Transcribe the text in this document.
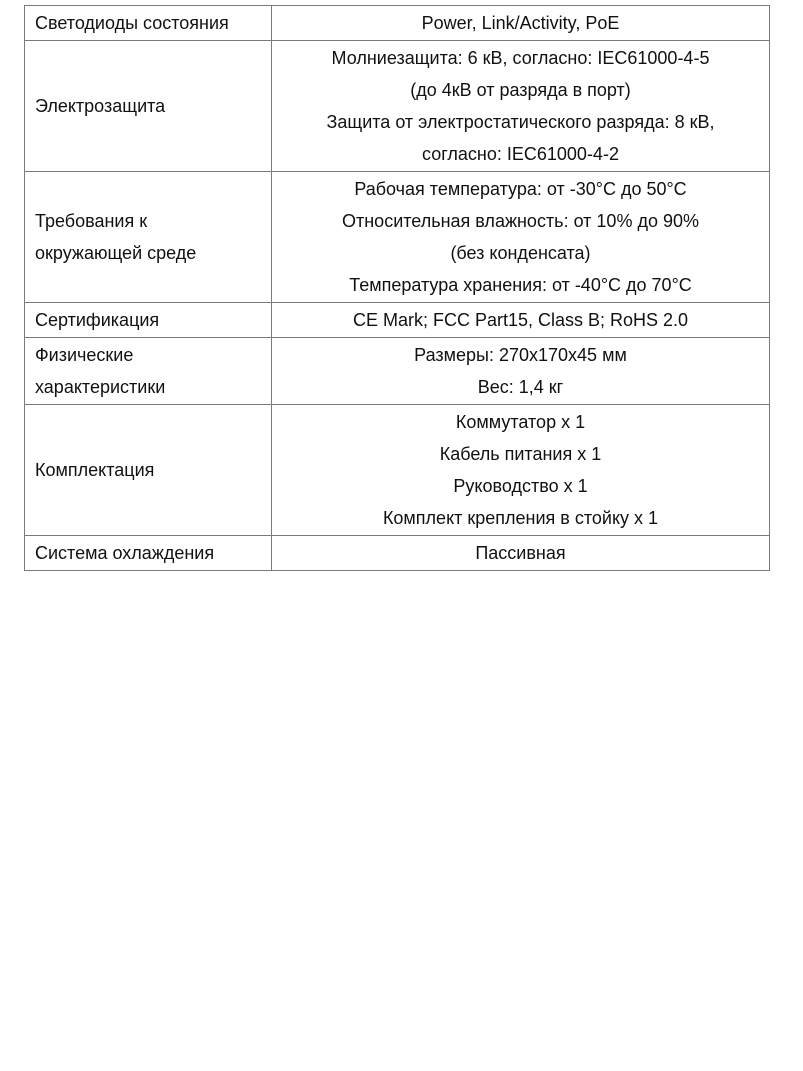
Светодиоды состояния	Power, Link/Activity, PoE

Электрозащита	Молниезащита: 6 кВ, согласно: IEC61000-4-5
(до 4кВ от разряда в порт)
Защита от электростатического разряда: 8 кВ,
согласно: IEC61000-4-2

Требования к
окружающей среде	Рабочая температура: от -30°С до 50°С
Относительная влажность: от 10% до 90%
(без конденсата)
Температура хранения: от -40°С до 70°С

Сертификация	CE Mark; FCC Part15, Class B; RoHS 2.0

Физические
характеристики	Размеры: 270x170x45 мм
Вес: 1,4 кг

Комплектация	Коммутатор x 1
Кабель питания x 1
Руководство x 1
Комплект крепления в стойку x 1

Система охлаждения	Пассивная
